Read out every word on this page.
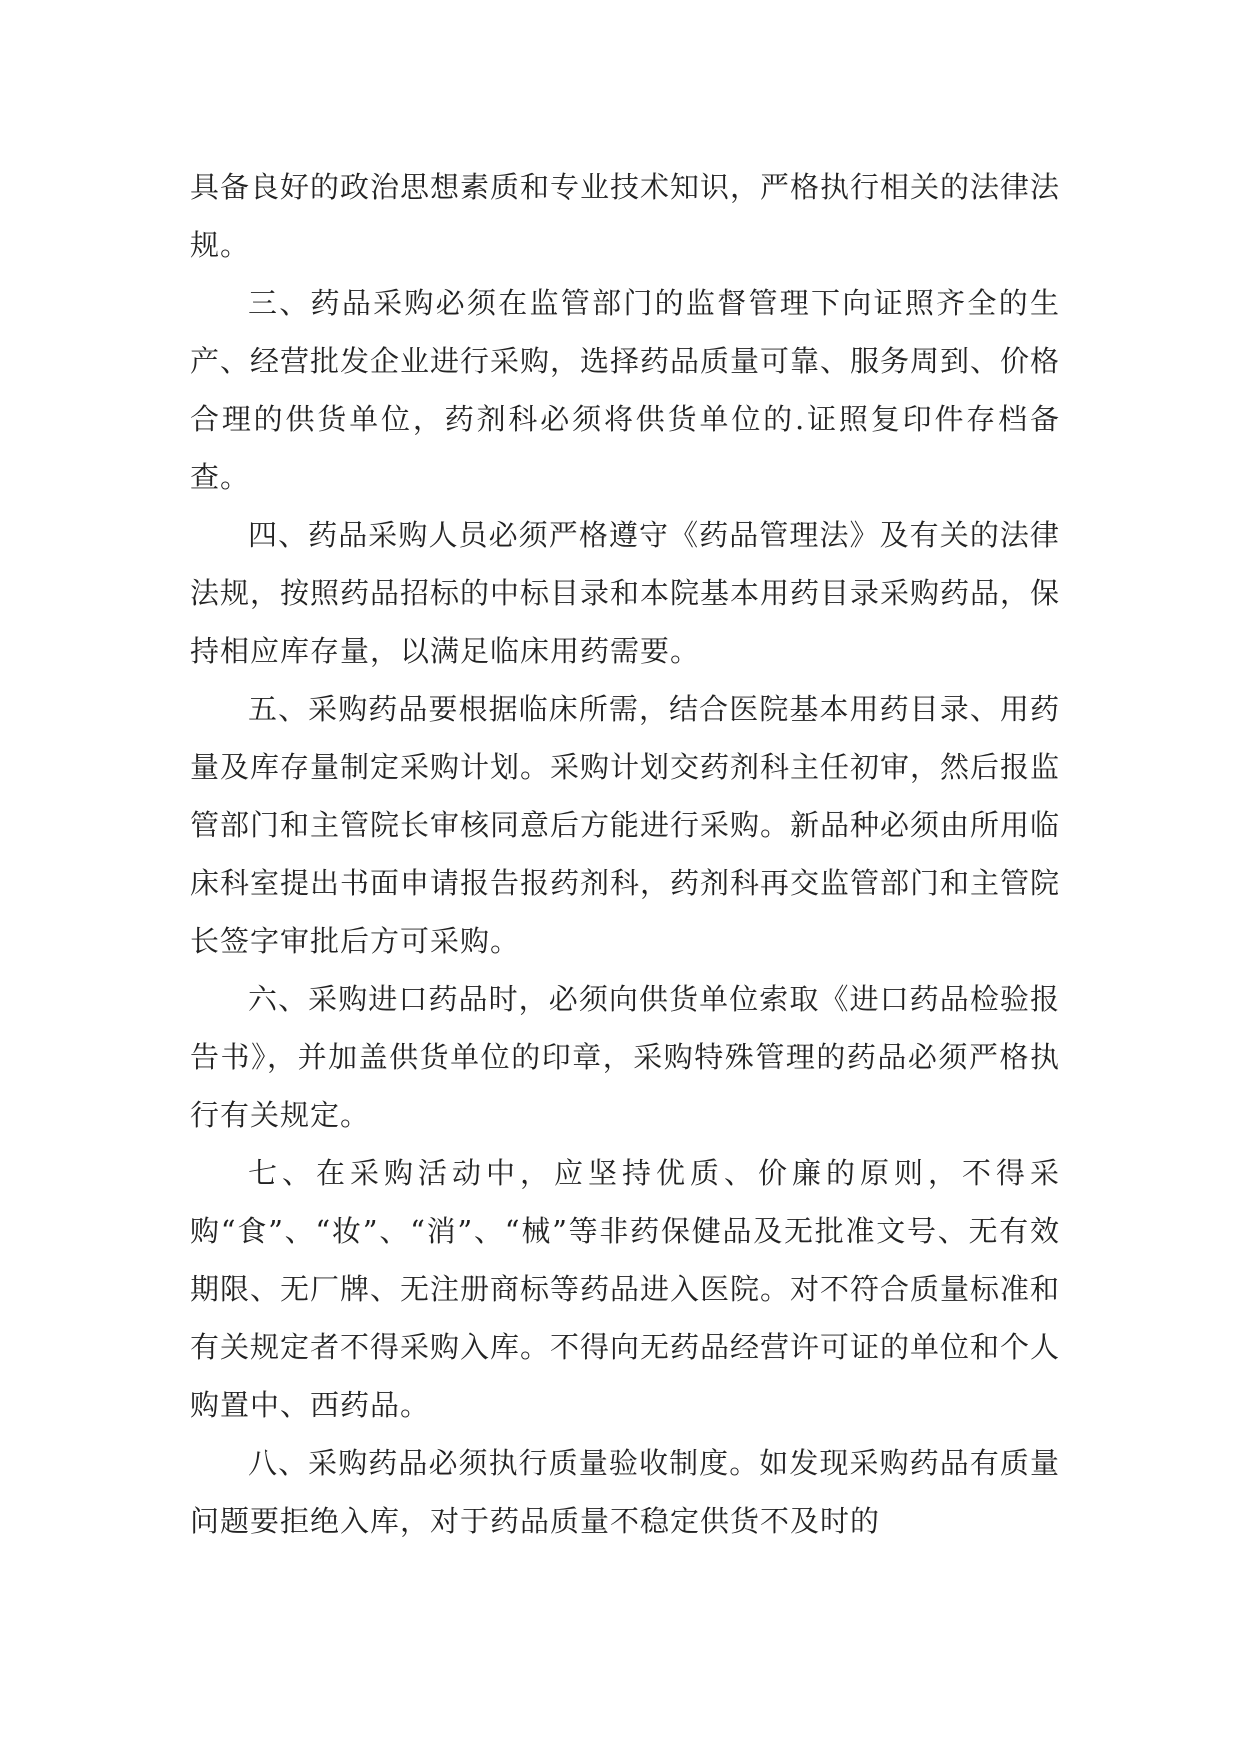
具备良好的政治思想素质和专业技术知识，严格执行相关的法律法规。

三、药品采购必须在监管部门的监督管理下向证照齐全的生产、经营批发企业进行采购，选择药品质量可靠、服务周到、价格合理的供货单位，药剂科必须将供货单位的.证照复印件存档备查。

四、药品采购人员必须严格遵守《药品管理法》及有关的法律法规，按照药品招标的中标目录和本院基本用药目录采购药品，保持相应库存量，以满足临床用药需要。

五、采购药品要根据临床所需，结合医院基本用药目录、用药量及库存量制定采购计划。采购计划交药剂科主任初审，然后报监管部门和主管院长审核同意后方能进行采购。新品种必须由所用临床科室提出书面申请报告报药剂科，药剂科再交监管部门和主管院长签字审批后方可采购。

六、采购进口药品时，必须向供货单位索取《进口药品检验报告书》，并加盖供货单位的印章，采购特殊管理的药品必须严格执行有关规定。

七、在采购活动中，应坚持优质、价廉的原则，不得采购“食”、“妆”、“消”、“械”等非药保健品及无批准文号、无有效期限、无厂牌、无注册商标等药品进入医院。对不符合质量标准和有关规定者不得采购入库。不得向无药品经营许可证的单位和个人购置中、西药品。

八、采购药品必须执行质量验收制度。如发现采购药品有质量问题要拒绝入库，对于药品质量不稳定供货不及时的
